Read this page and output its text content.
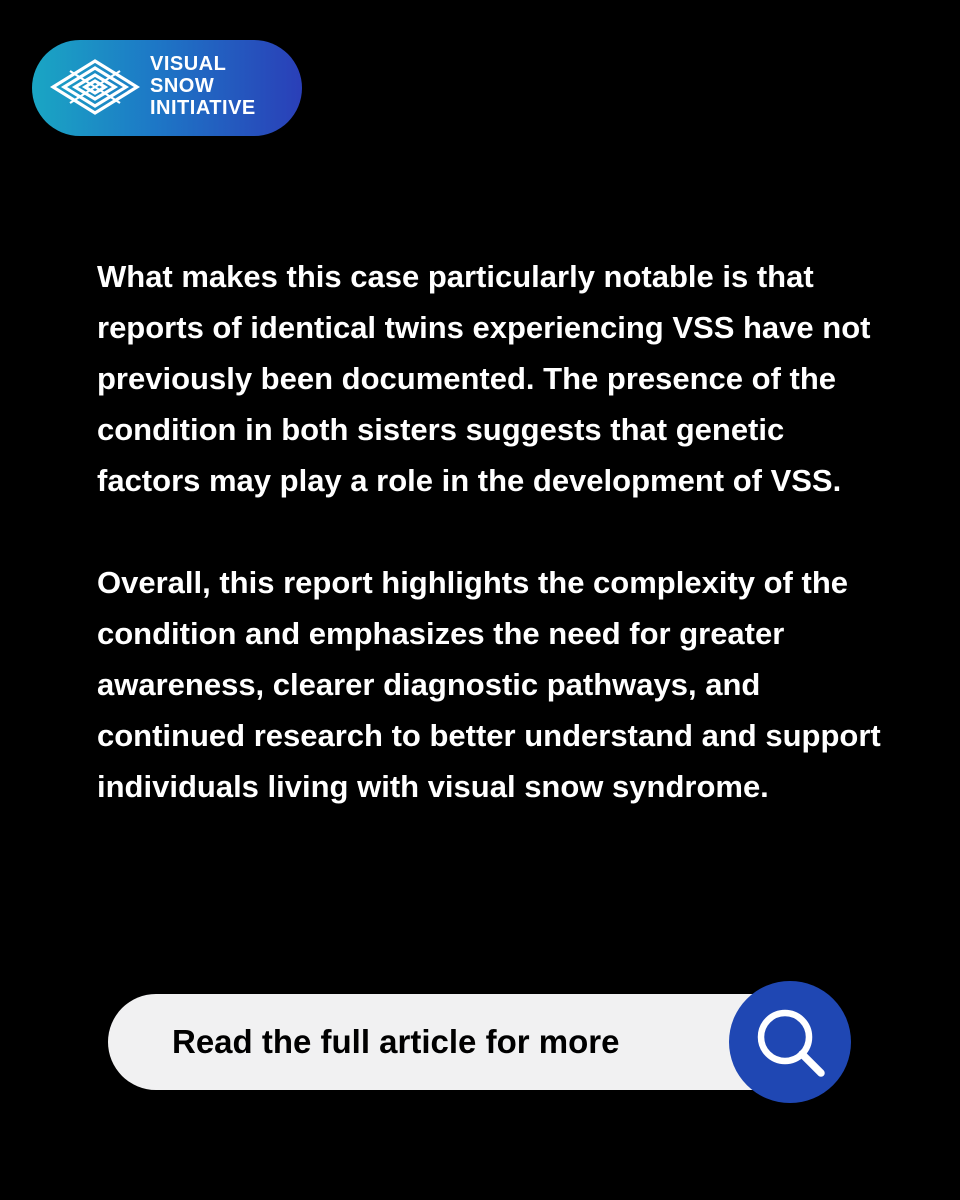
VISUAL
SNOW
INITIATIVE

What makes this case particularly notable is that reports of identical twins experiencing VSS have not previously been documented. The presence of the condition in both sisters suggests that genetic factors may play a role in the development of VSS.

Overall, this report highlights the complexity of the condition and emphasizes the need for greater awareness, clearer diagnostic pathways, and continued research to better understand and support individuals living with visual snow syndrome.

Read the full article for more
